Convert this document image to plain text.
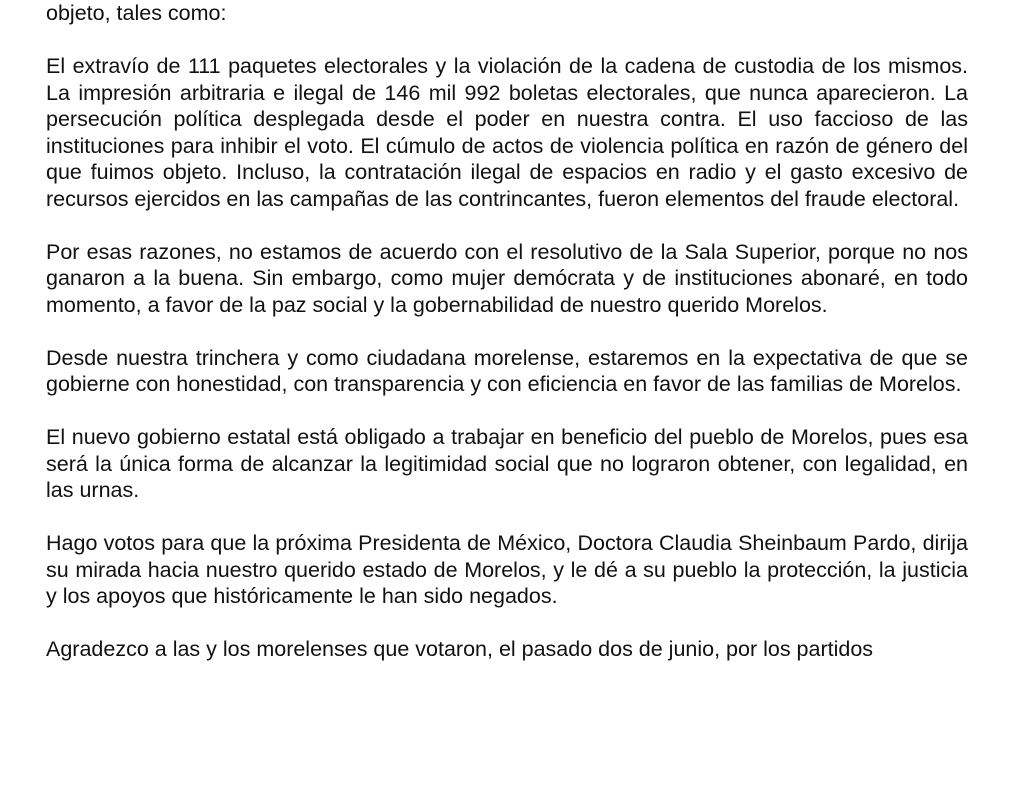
objeto, tales como:

El extravío de 111 paquetes electorales y la violación de la cadena de custodia de los mismos. La impresión arbitraria e ilegal de 146 mil 992 boletas electorales, que nunca aparecieron. La persecución política desplegada desde el poder en nuestra contra. El uso faccioso de las instituciones para inhibir el voto. El cúmulo de actos de violencia política en razón de género del que fuimos objeto. Incluso, la contratación ilegal de espacios en radio y el gasto excesivo de recursos ejercidos en las campañas de las contrincantes, fueron elementos del fraude electoral.

Por esas razones, no estamos de acuerdo con el resolutivo de la Sala Superior, porque no nos ganaron a la buena. Sin embargo, como mujer demócrata y de instituciones abonaré, en todo momento, a favor de la paz social y la gobernabilidad de nuestro querido Morelos.

Desde nuestra trinchera y como ciudadana morelense, estaremos en la expectativa de que se gobierne con honestidad, con transparencia y con eficiencia en favor de las familias de Morelos.

El nuevo gobierno estatal está obligado a trabajar en beneficio del pueblo de Morelos, pues esa será la única forma de alcanzar la legitimidad social que no lograron obtener, con legalidad, en las urnas.

Hago votos para que la próxima Presidenta de México, Doctora Claudia Sheinbaum Pardo, dirija su mirada hacia nuestro querido estado de Morelos, y le dé a su pueblo la protección, la justicia y los apoyos que históricamente le han sido negados.

Agradezco a las y los morelenses que votaron, el pasado dos de junio, por los partidos
